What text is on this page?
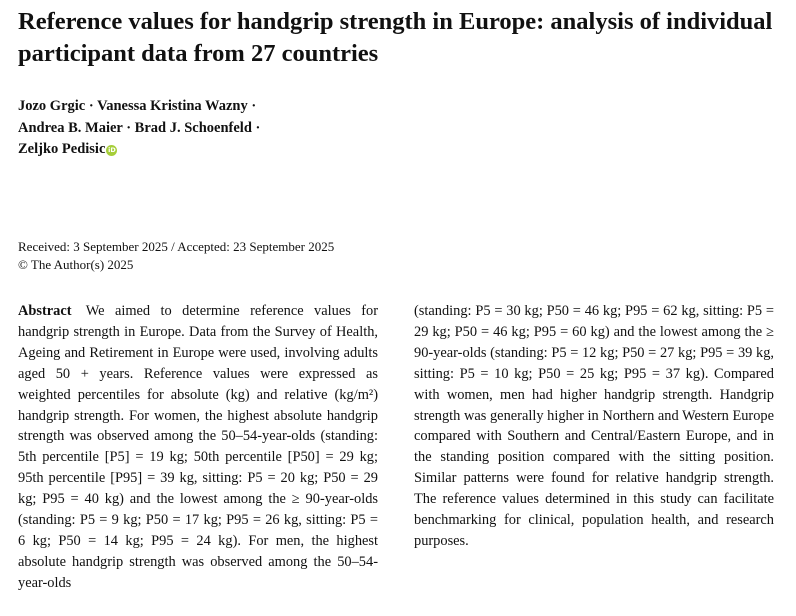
Reference values for handgrip strength in Europe: analysis of individual participant data from 27 countries
Jozo Grgic · Vanessa Kristina Wazny ·
Andrea B. Maier · Brad J. Schoenfeld ·
Zeljko Pedisic iD
Received: 3 September 2025 / Accepted: 23 September 2025
© The Author(s) 2025
Abstract We aimed to determine reference values for handgrip strength in Europe. Data from the Survey of Health, Ageing and Retirement in Europe were used, involving adults aged 50 + years. Reference values were expressed as weighted percentiles for absolute (kg) and relative (kg/m²) handgrip strength. For women, the highest absolute handgrip strength was observed among the 50–54-year-olds (standing: 5th percentile [P5] = 19 kg; 50th percentile [P50] = 29 kg; 95th percentile [P95] = 39 kg, sitting: P5 = 20 kg; P50 = 29 kg; P95 = 40 kg) and the lowest among the ≥ 90-year-olds (standing: P5 = 9 kg; P50 = 17 kg; P95 = 26 kg, sitting: P5 = 6 kg; P50 = 14 kg; P95 = 24 kg). For men, the highest absolute handgrip strength was observed among the 50–54-year-olds
(standing: P5 = 30 kg; P50 = 46 kg; P95 = 62 kg, sitting: P5 = 29 kg; P50 = 46 kg; P95 = 60 kg) and the lowest among the ≥ 90-year-olds (standing: P5 = 12 kg; P50 = 27 kg; P95 = 39 kg, sitting: P5 = 10 kg; P50 = 25 kg; P95 = 37 kg). Compared with women, men had higher handgrip strength. Handgrip strength was generally higher in Northern and Western Europe compared with Southern and Central/Eastern Europe, and in the standing position compared with the sitting position. Similar patterns were found for relative handgrip strength. The reference values determined in this study can facilitate benchmarking for clinical, population health, and research purposes.
